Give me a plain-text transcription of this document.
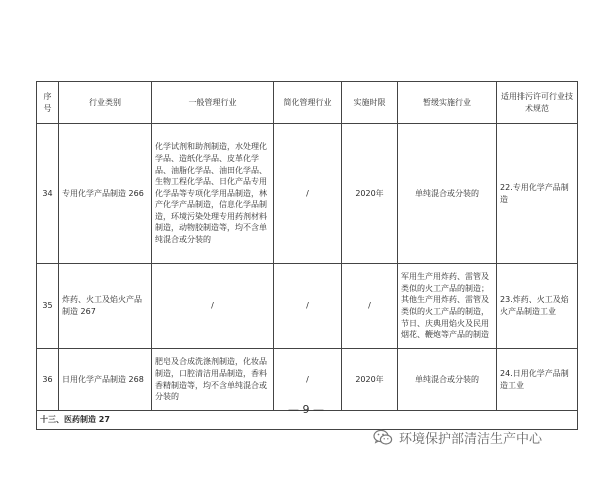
序号	行业类别	一般管理行业	简化管理行业	实施时限	暂缓实施行业	适用排污许可行业技术规范
34	专用化学产品制造 266	化学试剂和助剂制造，水处理化学品、造纸化学品、皮革化学品、油脂化学品、油田化学品、生物工程化学品、日化产品专用化学品等专项化学用品制造，林产化学产品制造，信息化学品制造，环境污染处理专用药剂材料制造，动物胶制造等，均不含单纯混合或分装的	/	2020年	单纯混合或分装的	22.专用化学产品制造
35	炸药、火工及焰火产品制造 267	/	/	/	军用生产用炸药、雷管及类似的火工产品的制造；其他生产用炸药、雷管及类似的火工产品的制造，节日、庆典用焰火及民用烟花、鞭炮等产品的制造	23.炸药、火工及焰火产品制造工业
36	日用化学产品制造 268	肥皂及合成洗涤剂制造，化妆品制造，口腔清洁用品制造，香料香精制造等，均不含单纯混合或分装的	/	2020年	单纯混合或分装的	24.日用化学产品制造工业
十三、医药制造 27						
— 9 —
环境保护部清洁生产中心
